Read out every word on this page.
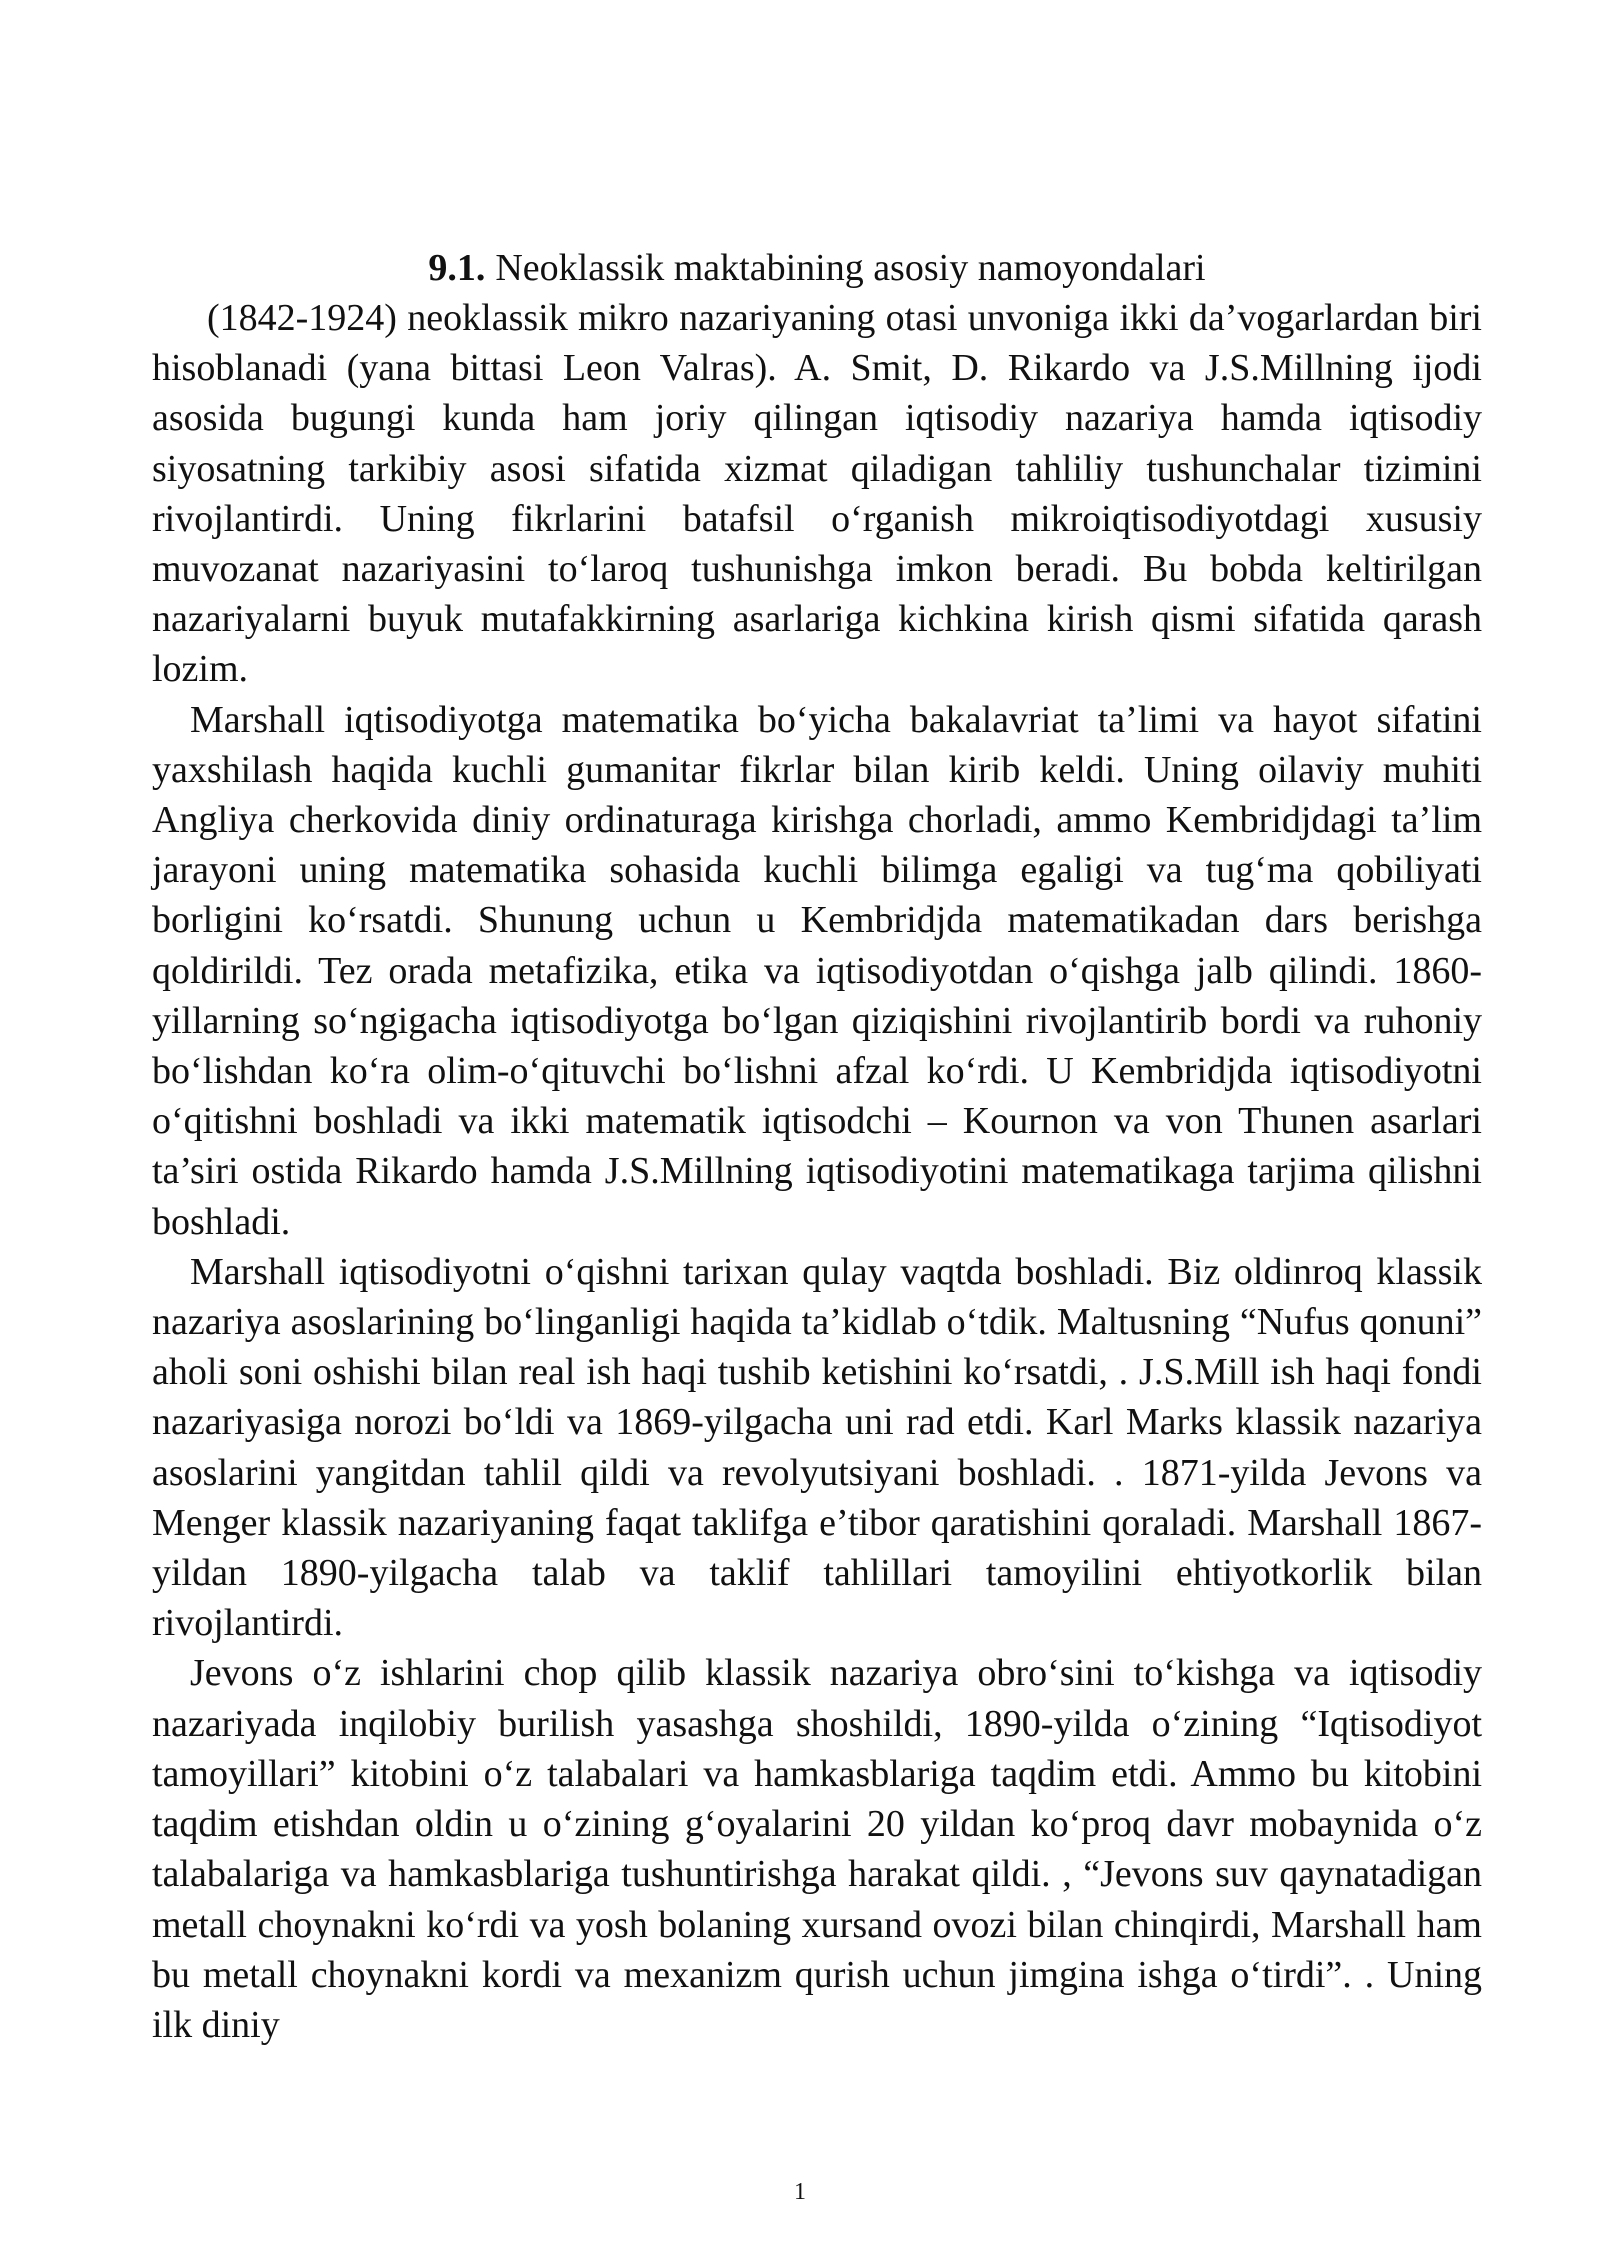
9.1. Neoklassik maktabining asosiy namoyondalari

(1842-1924) neoklassik mikro nazariyaning otasi unvoniga ikki da’vogarlardan biri hisoblanadi (yana bittasi Leon Valras). A. Smit, D. Rikardo va J.S.Millning ijodi asosida bugungi kunda ham joriy qilingan iqtisodiy nazariya hamda iqtisodiy siyosatning tarkibiy asosi sifatida xizmat qiladigan tahliliy tushunchalar tizimini rivojlantirdi. Uning fikrlarini batafsil o‘rganish mikroiqtisodiyotdagi xususiy muvozanat nazariyasini to‘laroq tushunishga imkon beradi. Bu bobda keltirilgan nazariyalarni buyuk mutafakkirning asarlariga kichkina kirish qismi sifatida qarash lozim.

Marshall iqtisodiyotga matematika bo‘yicha bakalavriat ta’limi va hayot sifatini yaxshilash haqida kuchli gumanitar fikrlar bilan kirib keldi. Uning oilaviy muhiti Angliya cherkovida diniy ordinaturaga kirishga chorladi, ammo Kembridjdagi ta’lim jarayoni uning matematika sohasida kuchli bilimga egaligi va tug‘ma qobiliyati borligini ko‘rsatdi. Shunung uchun u Kembridjda matematikadan dars berishga qoldirildi. Tez orada metafizika, etika va iqtisodiyotdan o‘qishga jalb qilindi. 1860-yillarning so‘ngigacha iqtisodiyotga bo‘lgan qiziqishini rivojlantirib bordi va ruhoniy bo‘lishdan ko‘ra olim-o‘qituvchi bo‘lishni afzal ko‘rdi. U Kembridjda iqtisodiyotni o‘qitishni boshladi va ikki matematik iqtisodchi – Kournon va von Thunen asarlari ta’siri ostida Rikardo hamda J.S.Millning iqtisodiyotini matematikaga tarjima qilishni boshladi.

Marshall iqtisodiyotni o‘qishni tarixan qulay vaqtda boshladi. Biz oldinroq klassik nazariya asoslarining bo‘linganligi haqida ta’kidlab o‘tdik. Maltusning “Nufus qonuni” aholi soni oshishi bilan real ish haqi tushib ketishini ko‘rsatdi, . J.S.Mill ish haqi fondi nazariyasiga norozi bo‘ldi va 1869-yilgacha uni rad etdi. Karl Marks klassik nazariya asoslarini yangitdan tahlil qildi va revolyutsiyani boshladi. . 1871-yilda Jevons va Menger klassik nazariyaning faqat taklifga e’tibor qaratishini qoraladi. Marshall 1867-yildan 1890-yilgacha talab va taklif tahlillari tamoyilini ehtiyotkorlik bilan rivojlantirdi.

Jevons o‘z ishlarini chop qilib klassik nazariya obro‘sini to‘kishga va iqtisodiy nazariyada inqilobiy burilish yasashga shoshildi, 1890-yilda o‘zining “Iqtisodiyot tamoyillari” kitobini o‘z talabalari va hamkasblariga taqdim etdi. Ammo bu kitobini taqdim etishdan oldin u o‘zining g‘oyalarini 20 yildan ko‘proq davr mobaynida o‘z talabalariga va hamkasblariga tushuntirishga harakat qildi. , “Jevons suv qaynatadigan metall choynakni ko‘rdi va yosh bolaning xursand ovozi bilan chinqirdi, Marshall ham bu metall choynakni kordi va mexanizm qurish uchun jimgina ishga o‘tirdi”. . Uning ilk diniy

1
